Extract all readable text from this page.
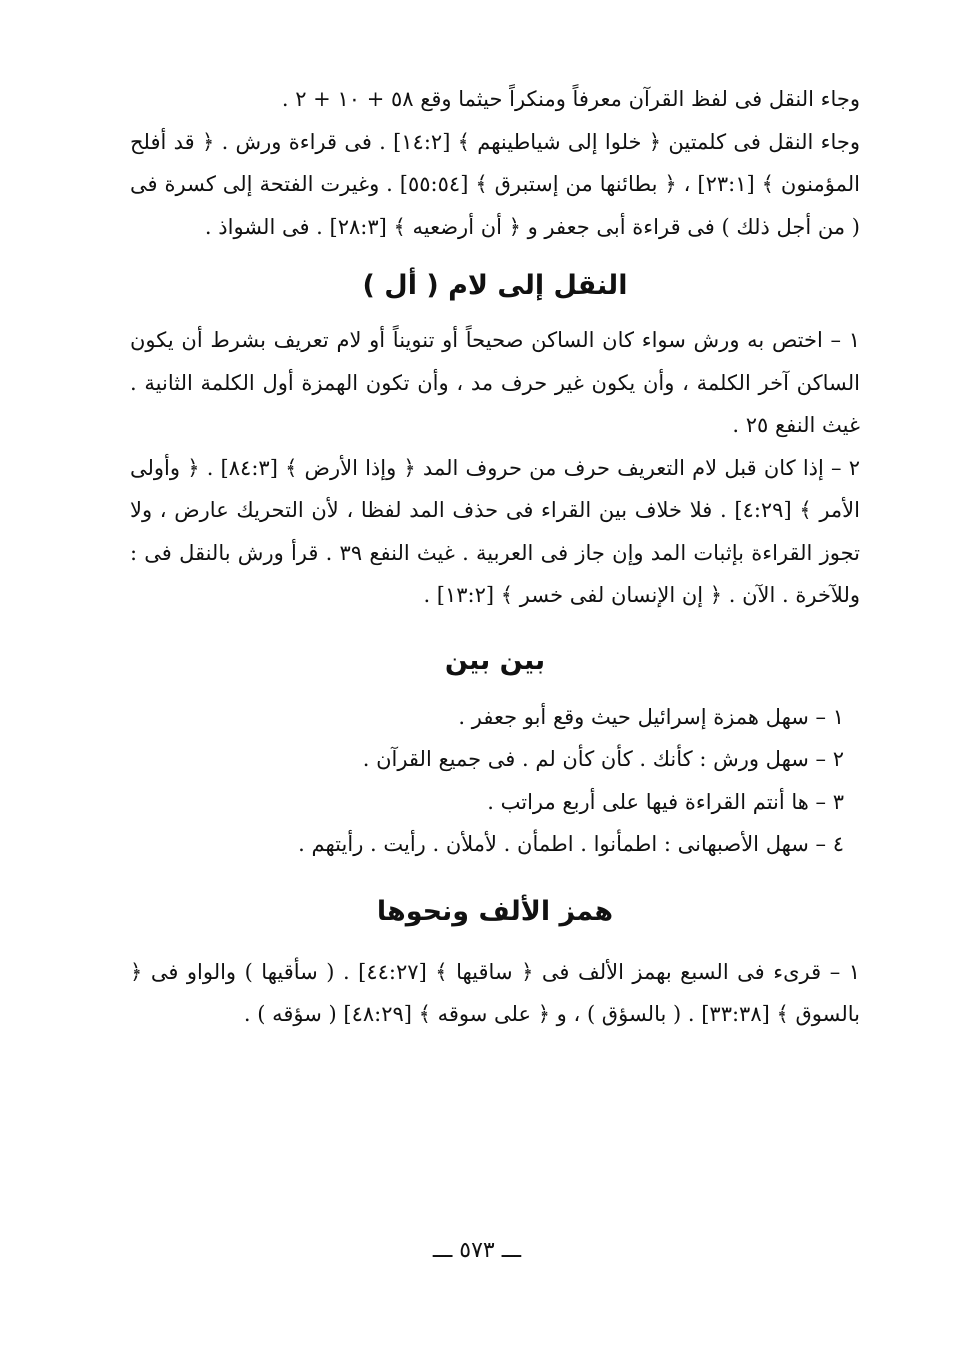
وجاء النقل فى لفظ القرآن معرفاً ومنكراً حيثما وقع ٥٨ + ١٠ + ٢ .

وجاء النقل فى كلمتين ﴿ خلوا إلى شياطينهم ﴾ [١٤:٢] . فى قراءة ورش . ﴿ قد أفلح المؤمنون ﴾ [٢٣:١] ، ﴿ بطائنها من إستبرق ﴾ [٥٥:٥٤] . وغيرت الفتحة إلى كسرة فى ( من أجل ذلك ) فى قراءة أبى جعفر و ﴿ أن أرضعيه ﴾ [٢٨:٣] . فى الشواذ .

النقل إلى لام ( أل )

١ – اختص به ورش سواء كان الساكن صحيحاً أو تنويناً أو لام تعريف بشرط أن يكون الساكن آخر الكلمة ، وأن يكون غير حرف مد ، وأن تكون الهمزة أول الكلمة الثانية . غيث النفع ٢٥ .

٢ – إذا كان قبل لام التعريف حرف من حروف المد ﴿ وإذا الأرض ﴾ [٨٤:٣] . ﴿ وأولى الأمر ﴾ [٤:٢٩] . فلا خلاف بين القراء فى حذف المد لفظا ، لأن التحريك عارض ، ولا تجوز القراءة بإثبات المد وإن جاز فى العربية . غيث النفع ٣٩ . قرأ ورش بالنقل فى : وللآخرة . الآن . ﴿ إن الإنسان لفى خسر ﴾ [١٣:٢] .

بين بين

١ – سهل همزة إسرائيل حيث وقع أبو جعفر .

٢ – سهل ورش : كأنك . كأن كأن لم . فى جميع القرآن .

٣ – ها أنتم القراءة فيها على أربع مراتب .

٤ – سهل الأصبهانى : اطمأنوا . اطمأن . لأملأن . رأيت . رأيتهم .

همز الألف ونحوها

١ – قرىء فى السبع بهمز الألف فى ﴿ ساقيها ﴾ [٤٤:٢٧] . ( سأقيها ) والواو فى ﴿ بالسوق ﴾ [٣٣:٣٨] . ( بالسؤق ) ، و ﴿ على سوقه ﴾ [٤٨:٢٩] ( سؤقه ) .

ـــ ٥٧٣ ـــ
